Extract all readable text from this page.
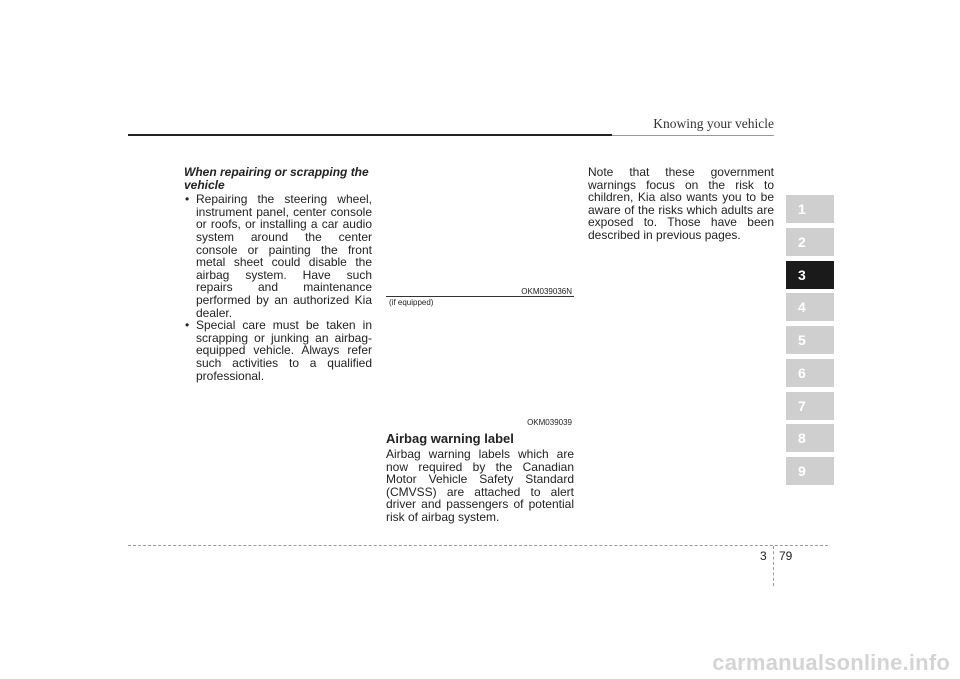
Knowing your vehicle

When repairing or scrapping the vehicle

• Repairing the steering wheel, instrument panel, center console or roofs, or installing a car audio system around the center console or painting the front metal sheet could disable the airbag system. Have such repairs and maintenance performed by an authorized Kia dealer.
• Special care must be taken in scrapping or junking an airbag-equipped vehicle. Always refer such activities to a qualified professional.
OKM039036N
(if equipped)
OKM039039
Airbag warning label
Airbag warning labels which are now required by the Canadian Motor Vehicle Safety Standard (CMVSS) are attached to alert driver and passengers of potential risk of airbag system.
Note that these government warnings focus on the risk to children, Kia also wants you to be aware of the risks which adults are exposed to. Those have been described in previous pages.
1
2
3
4
5
6
7
8
9
3 79
carmanualsonline.info
